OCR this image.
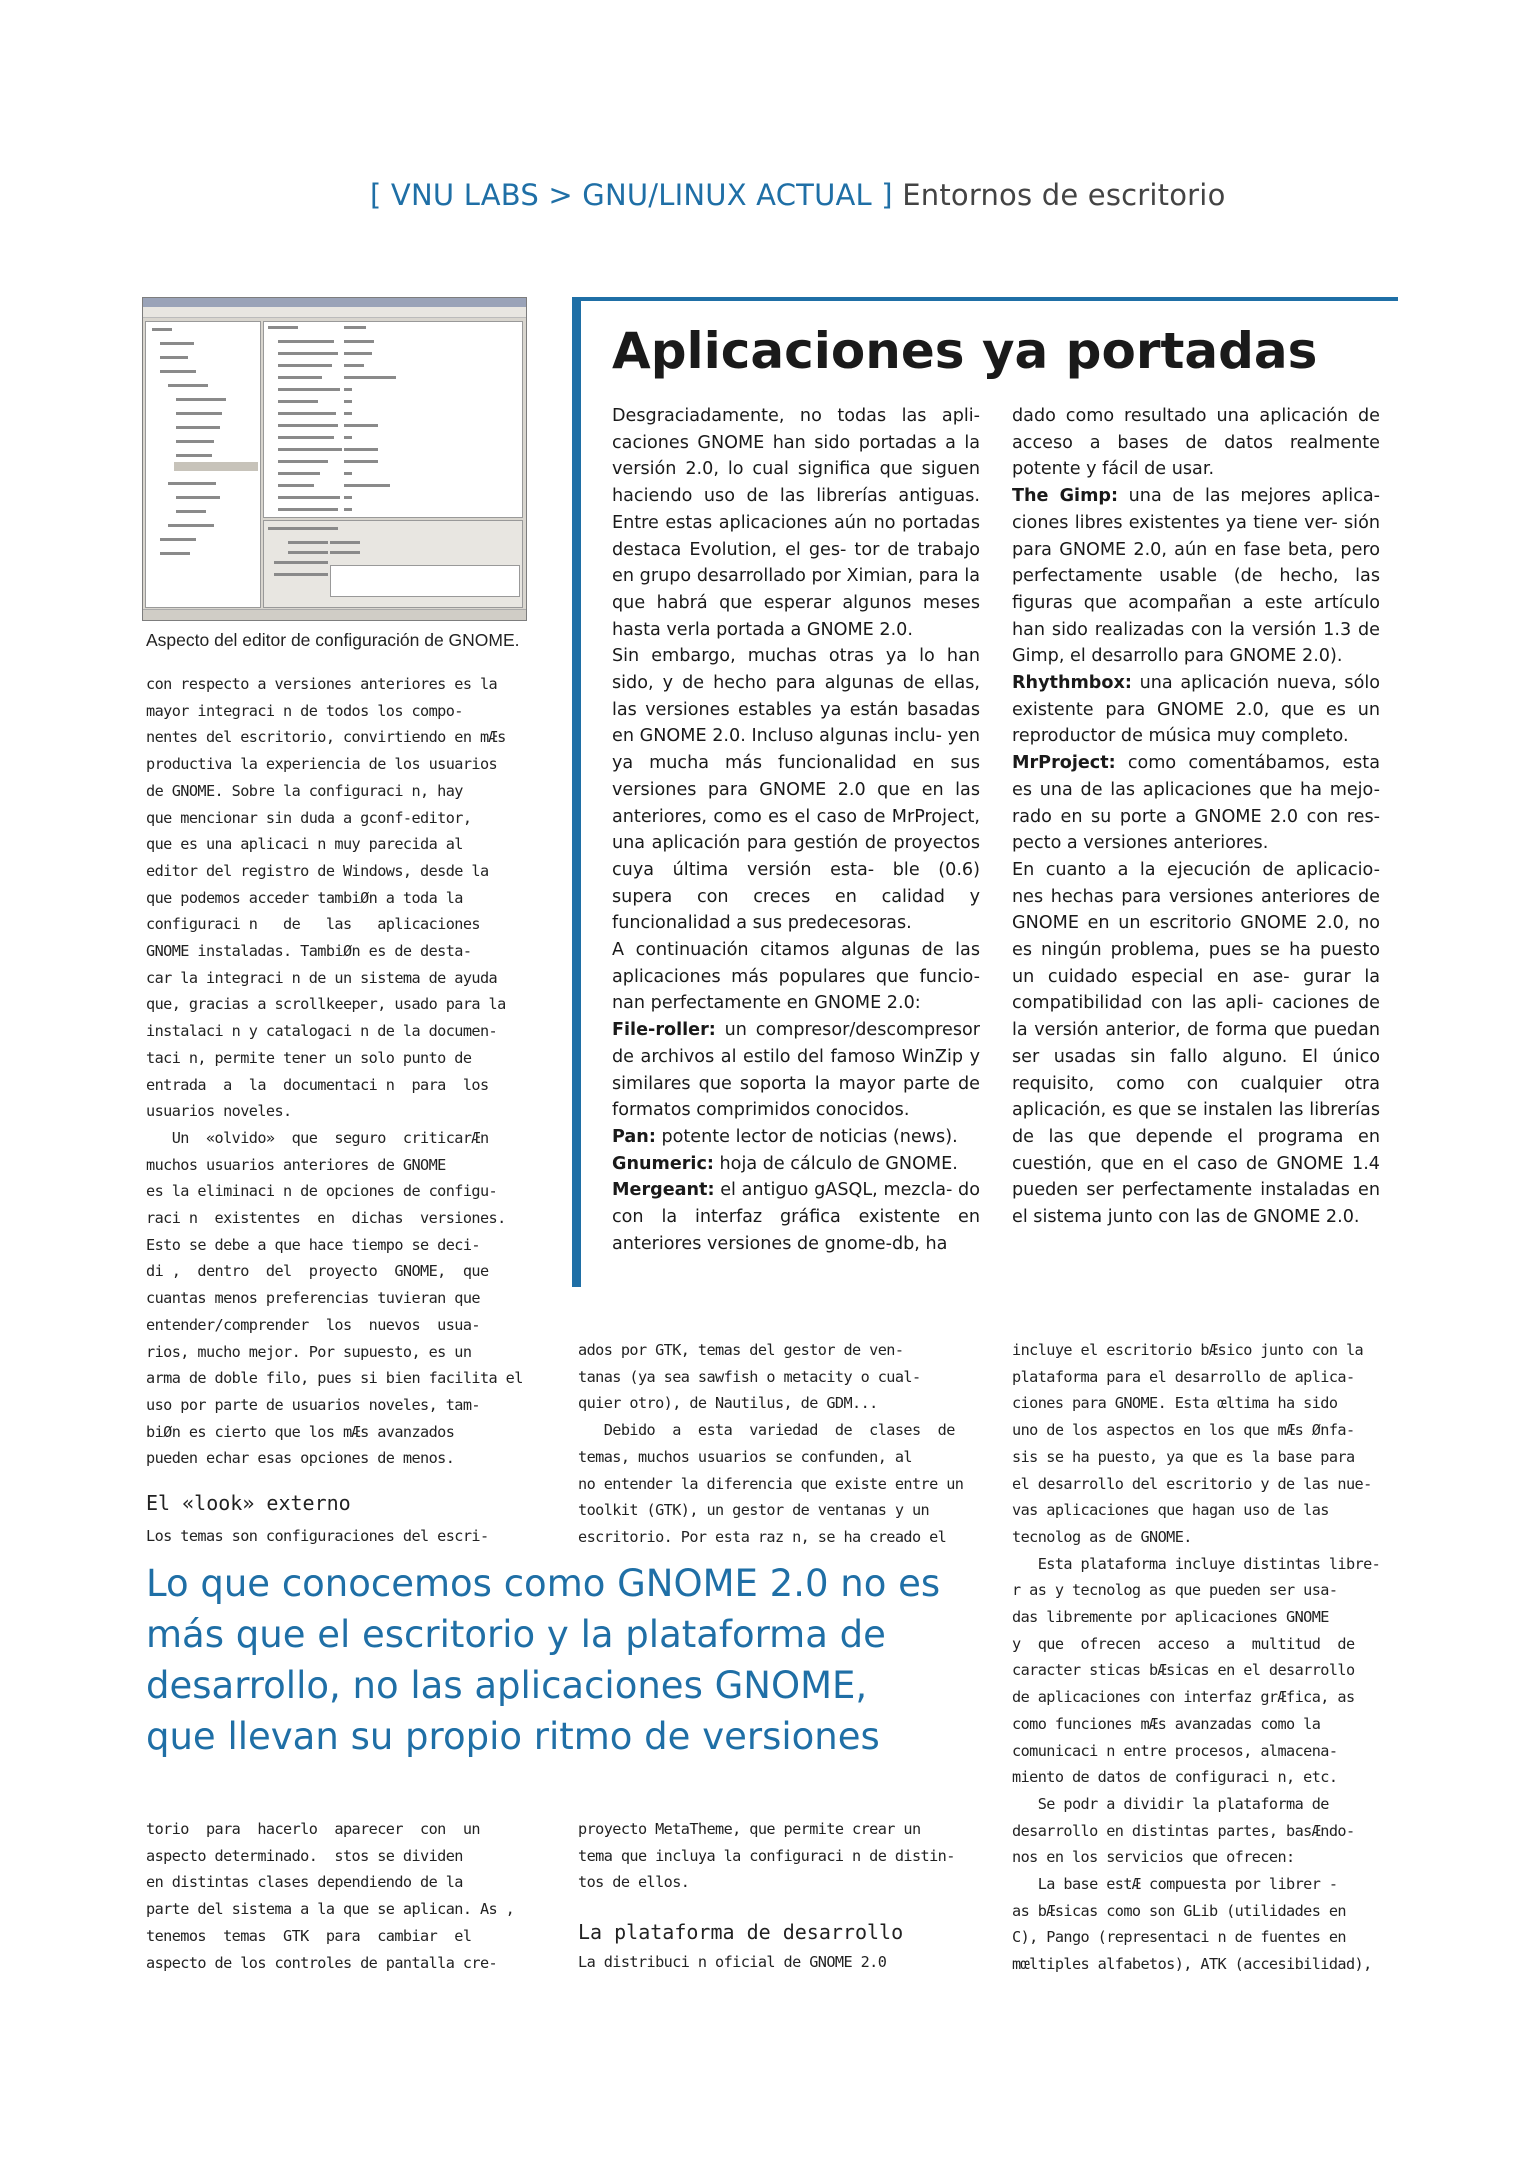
[ VNU LABS > GNU/LINUX ACTUAL ] Entornos de escritorio
Aspecto del editor de configuración de GNOME.
Aplicaciones ya portadas

Desgraciadamente, no todas las apli- caciones GNOME han sido portadas a la versión 2.0, lo cual significa que siguen haciendo uso de las librerías antiguas. Entre estas aplicaciones aún no portadas destaca Evolution, el ges- tor de trabajo en grupo desarrollado por Ximian, para la que habrá que esperar algunos meses hasta verla portada a GNOME 2.0.

Sin embargo, muchas otras ya lo han sido, y de hecho para algunas de ellas, las versiones estables ya están basadas en GNOME 2.0. Incluso algunas inclu- yen ya mucha más funcionalidad en sus versiones para GNOME 2.0 que en las anteriores, como es el caso de MrProject, una aplicación para gestión de proyectos cuya última versión esta- ble (0.6) supera con creces en calidad y funcionalidad a sus predecesoras.

A continuación citamos algunas de las aplicaciones más populares que funcio- nan perfectamente en GNOME 2.0:

File-roller: un compresor/descompresor de archivos al estilo del famoso WinZip y similares que soporta la mayor parte de formatos comprimidos conocidos.

Pan: potente lector de noticias (news).

Gnumeric: hoja de cálculo de GNOME.

Mergeant: el antiguo gASQL, mezcla- do con la interfaz gráfica existente en anteriores versiones de gnome-db, ha

dado como resultado una aplicación de acceso a bases de datos realmente potente y fácil de usar.

The Gimp: una de las mejores aplica- ciones libres existentes ya tiene ver- sión para GNOME 2.0, aún en fase beta, pero perfectamente usable (de hecho, las figuras que acompañan a este artículo han sido realizadas con la versión 1.3 de Gimp, el desarrollo para GNOME 2.0).

Rhythmbox: una aplicación nueva, sólo existente para GNOME 2.0, que es un reproductor de música muy completo.

MrProject: como comentábamos, esta es una de las aplicaciones que ha mejo- rado en su porte a GNOME 2.0 con res- pecto a versiones anteriores.

En cuanto a la ejecución de aplicacio- nes hechas para versiones anteriores de GNOME en un escritorio GNOME 2.0, no es ningún problema, pues se ha puesto un cuidado especial en ase- gurar la compatibilidad con las apli- caciones de la versión anterior, de forma que puedan ser usadas sin fallo alguno. El único requisito, como con cualquier otra aplicación, es que se instalen las librerías de las que depende el programa en cuestión, que en el caso de GNOME 1.4 pueden ser perfectamente instaladas en el sistema junto con las de GNOME 2.0.

con respecto a versiones anteriores es la
mayor integraci n de todos los compo-
nentes del escritorio, convirtiendo en mÆs
productiva la experiencia de los usuarios
de GNOME. Sobre la configuraci n, hay
que mencionar sin duda a gconf-editor,
que es una aplicaci n muy parecida al
editor del registro de Windows, desde la
que podemos acceder tambiØn a toda la
configuraci n   de   las   aplicaciones
GNOME instaladas. TambiØn es de desta-
car la integraci n de un sistema de ayuda
que, gracias a scrollkeeper, usado para la
instalaci n y catalogaci n de la documen-
taci n, permite tener un solo punto de
entrada  a  la  documentaci n  para  los
usuarios noveles.
Un  «olvido»  que  seguro  criticarÆn
muchos usuarios anteriores de GNOME
es la eliminaci n de opciones de configu-
raci n  existentes  en  dichas  versiones.
Esto se debe a que hace tiempo se deci-
di ,  dentro  del  proyecto  GNOME,  que
cuantas menos preferencias tuvieran que
entender/comprender  los  nuevos  usua-
rios, mucho mejor. Por supuesto, es un
arma de doble filo, pues si bien facilita el
uso por parte de usuarios noveles, tam-
biØn es cierto que los mÆs avanzados
pueden echar esas opciones de menos.
El «look» externo
Los temas son configuraciones del escri-
ados por GTK, temas del gestor de ven-
tanas (ya sea sawfish o metacity o cual-
quier otro), de Nautilus, de GDM...
Debido  a  esta  variedad  de  clases  de
temas, muchos usuarios se confunden, al
no entender la diferencia que existe entre un
toolkit (GTK), un gestor de ventanas y un
escritorio. Por esta raz n, se ha creado el
incluye el escritorio bÆsico junto con la
plataforma para el desarrollo de aplica-
ciones para GNOME. Esta œltima ha sido
uno de los aspectos en los que mÆs Ønfa-
sis se ha puesto, ya que es la base para
el desarrollo del escritorio y de las nue-
vas aplicaciones que hagan uso de las
tecnolog as de GNOME.
Esta plataforma incluye distintas libre-
r as y tecnolog as que pueden ser usa-
das libremente por aplicaciones GNOME
y  que  ofrecen  acceso  a  multitud  de
caracter sticas bÆsicas en el desarrollo
de aplicaciones con interfaz grÆfica, as
como funciones mÆs avanzadas como la
comunicaci n entre procesos, almacena-
miento de datos de configuraci n, etc.
Se podr a dividir la plataforma de
desarrollo en distintas partes, basÆndo-
nos en los servicios que ofrecen:
La base estÆ compuesta por librer -
as bÆsicas como son GLib (utilidades en
C), Pango (representaci n de fuentes en
mœltiples alfabetos), ATK (accesibilidad),

Lo que conocemos como GNOME 2.0 no es

más que el escritorio y la plataforma de

desarrollo, no las aplicaciones GNOME,

que llevan su propio ritmo de versiones

torio  para  hacerlo  aparecer  con  un
aspecto determinado.  stos se dividen
en distintas clases dependiendo de la
parte del sistema a la que se aplican. As ,
tenemos  temas  GTK  para  cambiar  el
aspecto de los controles de pantalla cre-
proyecto MetaTheme, que permite crear un
tema que incluya la configuraci n de distin-
tos de ellos.
La plataforma de desarrollo
La distribuci n oficial de GNOME 2.0
